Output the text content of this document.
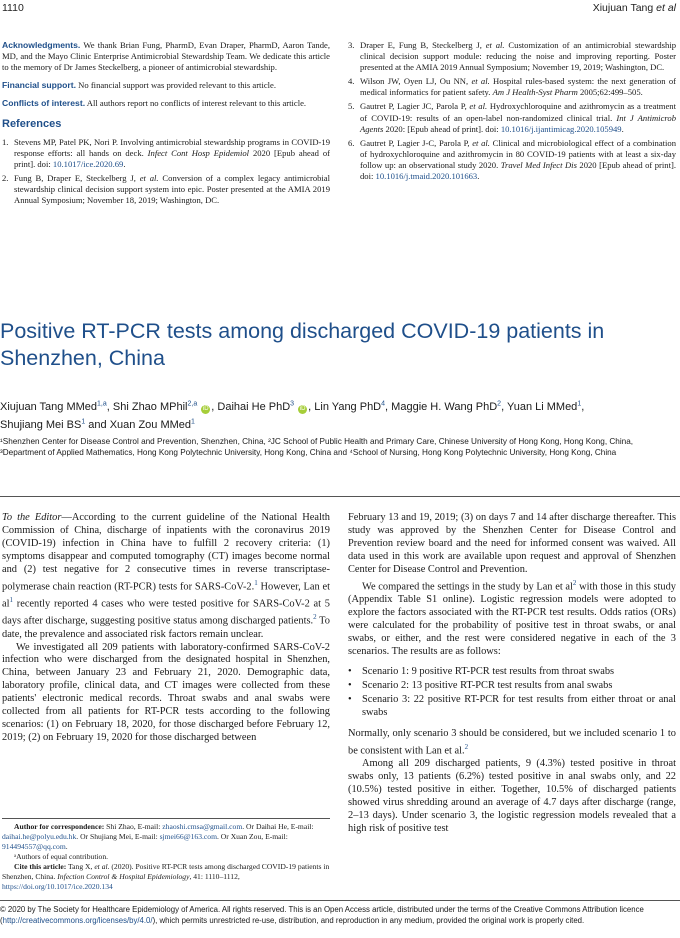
1110	Xiujuan Tang et al

Acknowledgments. We thank Brian Fung, PharmD, Evan Draper, PharmD, Aaron Tande, MD, and the Mayo Clinic Enterprise Antimicrobial Stewardship Team. We dedicate this article to the memory of Dr James Steckelberg, a pioneer of antimicrobial stewardship.

Financial support. No financial support was provided relevant to this article.

Conflicts of interest. All authors report no conflicts of interest relevant to this article.

References
1. Stevens MP, Patel PK, Nori P. Involving antimicrobial stewardship programs in COVID-19 response efforts: all hands on deck. Infect Cont Hosp Epidemiol 2020 [Epub ahead of print]. doi: 10.1017/ice.2020.69.
2. Fung B, Draper E, Steckelberg J, et al. Conversion of a complex legacy antimicrobial stewardship clinical decision support system into epic. Poster presented at the AMIA 2019 Annual Symposium; November 18, 2019; Washington, DC.
3. Draper E, Fung B, Steckelberg J, et al. Customization of an antimicrobial stewardship clinical decision support module: reducing the noise and improving reporting. Poster presented at the AMIA 2019 Annual Symposium; November 19, 2019; Washington, DC.
4. Wilson JW, Oyen LJ, Ou NN, et al. Hospital rules-based system: the next generation of medical informatics for patient safety. Am J Health-Syst Pharm 2005;62:499–505.
5. Gautret P, Lagier JC, Parola P, et al. Hydroxychloroquine and azithromycin as a treatment of COVID-19: results of an open-label non-randomized clinical trial. Int J Antimicrob Agents 2020: [Epub ahead of print]. doi: 10.1016/j.ijantimicag.2020.105949.
6. Gautret P, Lagier J-C, Parola P, et al. Clinical and microbiological effect of a combination of hydroxychloroquine and azithromycin in 80 COVID-19 patients with at least a six-day follow up: an observational study 2020. Travel Med Infect Dis 2020 [Epub ahead of print]. doi: 10.1016/j.tmaid.2020.101663.
Positive RT-PCR tests among discharged COVID-19 patients in Shenzhen, China
Xiujuan Tang MMed$^{1,a}$, Shi Zhao MPhil$^{2,a}$ iD , Daihai He PhD$^3$ iD , Lin Yang PhD$^4$, Maggie H. Wang PhD$^2$, Yuan Li MMed$^1$,
Shujiang Mei $BS^1$ and Xuan Zou MMed$^1$
¹Shenzhen Center for Disease Control and Prevention, Shenzhen, China, ²JC School of Public Health and Primary Care, Chinese University of Hong Kong, Hong Kong, China, ³Department of Applied Mathematics, Hong Kong Polytechnic University, Hong Kong, China and ⁴School of Nursing, Hong Kong Polytechnic University, Hong Kong, China

To the Editor—According to the current guideline of the National Health Commission of China, discharge of inpatients with the coronavirus 2019 (COVID-19) infection in China have to fulfill 2 recovery criteria: (1) symptoms disappear and computed tomography (CT) images become normal and (2) test negative for 2 consecutive times in reverse transcriptase-polymerase chain reaction (RT-PCR) tests for SARS-CoV-2.$^1$ However, Lan et $al^1$ recently reported 4 cases who were tested positive for SARS-CoV-2 at 5 days after discharge, suggesting positive status among discharged patients.$^2$ To date, the prevalence and associated risk factors remain unclear.

We investigated all 209 patients with laboratory-confirmed SARS-CoV-2 infection who were discharged from the designated hospital in Shenzhen, China, between January 23 and February 21, 2020. Demographic data, laboratory profile, clinical data, and CT images were collected from these patients' electronic medical records. Throat swabs and anal swabs were collected from all patients for RT-PCR tests according to the following scenarios: (1) on February 18, 2020, for those discharged before February 12, 2019; (2) on February 19, 2020 for those discharged between

Author for correspondence: Shi Zhao, E-mail: zhaoshi.cmsa@gmail.com. Or Daihai He, E-mail: daihai.he@polyu.edu.hk. Or Shujiang Mei, E-mail: sjmei66@163.com. Or Xuan Zou, E-mail: 914494557@qq.com.

ᵃAuthors of equal contribution.

Cite this article: Tang X, et al. (2020). Positive RT-PCR tests among discharged COVID-19 patients in Shenzhen, China. Infection Control & Hospital Epidemiology, 41: 1110–1112, https://doi.org/10.1017/ice.2020.134

February 13 and 19, 2019; (3) on days 7 and 14 after discharge thereafter. This study was approved by the Shenzhen Center for Disease Control and Prevention review board and the need for informed consent was waived. All data used in this work are available upon request and approval of Shenzhen Center for Disease Control and Prevention.

We compared the settings in the study by Lan et $al^2$ with those in this study (Appendix Table S1 online). Logistic regression models were adopted to explore the factors associated with the RT-PCR test results. Odds ratios (ORs) were calculated for the probability of positive test in throat swabs, or anal swabs, or either, and the rest were considered negative in each of the 3 scenarios. The results are as follows:

• Scenario 1: 9 positive RT-PCR test results from throat swabs
• Scenario 2: 13 positive RT-PCR test results from anal swabs
• Scenario 3: 22 positive RT-PCR for test results from either throat or anal swabs

Normally, only scenario 3 should be considered, but we included scenario 1 to be consistent with Lan et al.$^2$

Among all 209 discharged patients, 9 (4.3%) tested positive in throat swabs only, 13 patients (6.2%) tested positive in anal swabs only, and 22 (10.5%) tested positive in either. Together, 10.5% of discharged patients showed virus shredding around an average of 4.7 days after discharge (range, 2–13 days). Under scenario 3, the logistic regression models revealed that a high risk of positive test

© 2020 by The Society for Healthcare Epidemiology of America. All rights reserved. This is an Open Access article, distributed under the terms of the Creative Commons Attribution licence (http://creativecommons.org/licenses/by/4.0/), which permits unrestricted re-use, distribution, and reproduction in any medium, provided the original work is properly cited.
